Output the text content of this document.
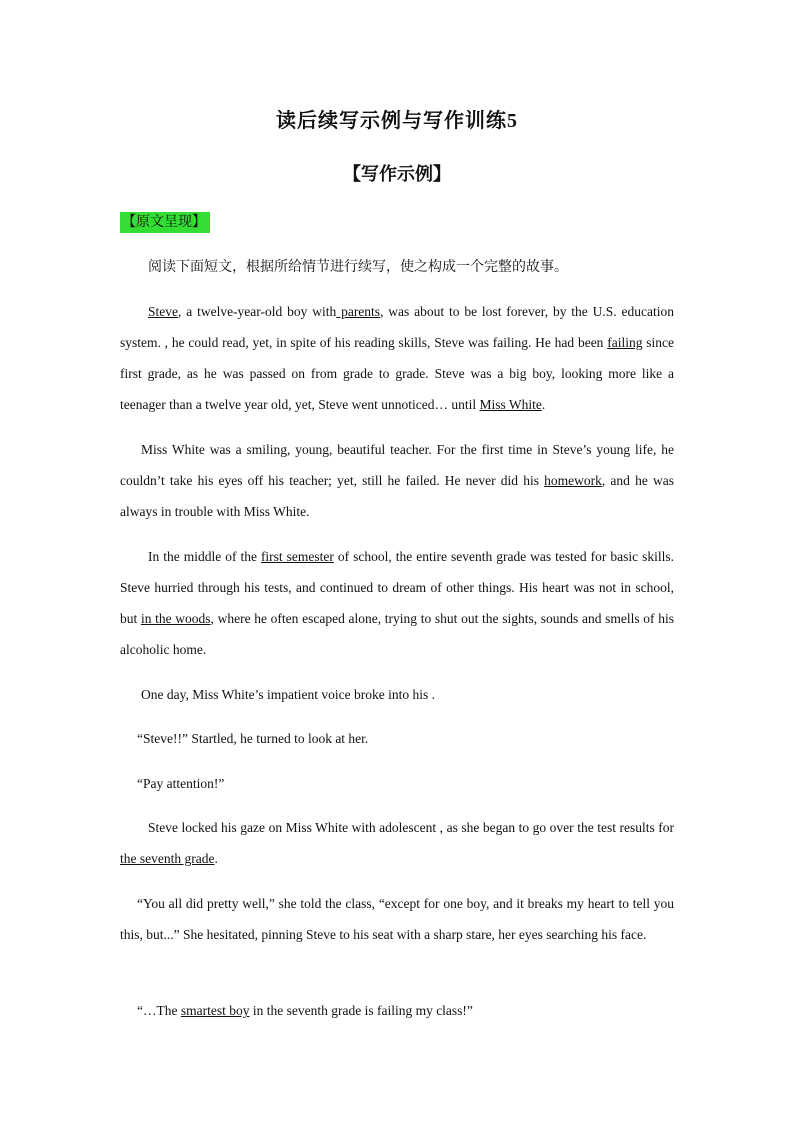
读后续写示例与写作训练5
【写作示例】
【原文呈现】
阅读下面短文，根据所给情节进行续写，使之构成一个完整的故事。

Steve, a twelve-year-old boy with parents, was about to be lost forever, by the U.S. education system. , he could read, yet, in spite of his reading skills, Steve was failing. He had been failing since first grade, as he was passed on from grade to grade. Steve was a big boy, looking more like a teenager than a twelve year old, yet, Steve went unnoticed… until Miss White.

Miss White was a smiling, young, beautiful teacher. For the first time in Steve’s young life, he couldn’t take his eyes off his teacher; yet, still he failed. He never did his homework, and he was always in trouble with Miss White.

In the middle of the first semester of school, the entire seventh grade was tested for basic skills. Steve hurried through his tests, and continued to dream of other things. His heart was not in school, but in the woods, where he often escaped alone, trying to shut out the sights, sounds and smells of his alcoholic home.

One day, Miss White’s impatient voice broke into his .

“Steve!!” Startled, he turned to look at her.

“Pay attention!”

Steve locked his gaze on Miss White with adolescent , as she began to go over the test results for the seventh grade.

“You all did pretty well,” she told the class, “except for one boy, and it breaks my heart to tell you this, but...” She hesitated, pinning Steve to his seat with a sharp stare, her eyes searching his face.

“…The smartest boy in the seventh grade is failing my class!”
